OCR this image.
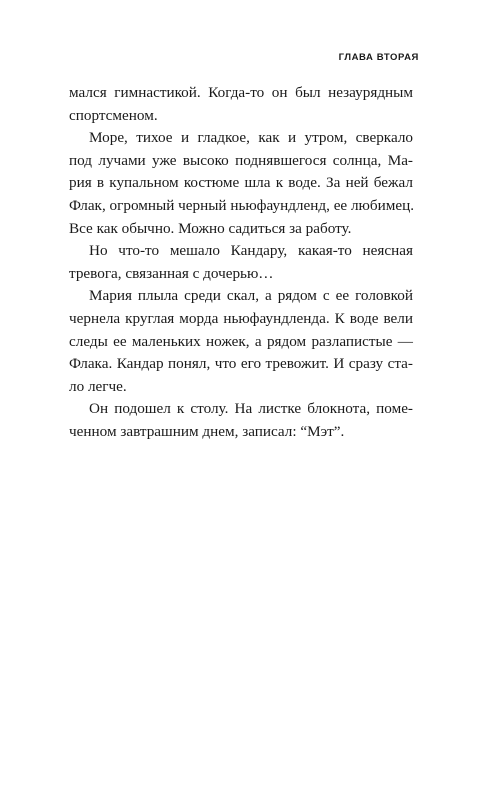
ГЛАВА ВТОРАЯ

мался гимнастикой. Когда-то он был незаурядным
спортсменом.

Море, тихое и гладкое, как и утром, сверкало
под лучами уже высоко поднявшегося солнца, Ма-
рия в купальном костюме шла к воде. За ней бежал
Флак, огромный черный ньюфаундленд, ее любимец.
Все как обычно. Можно садиться за работу.

Но что-то мешало Кандару, какая-то неясная
тревога, связанная с дочерью…

Мария плыла среди скал, а рядом с ее головкой
чернела круглая морда ньюфаундленда. К воде вели
следы ее маленьких ножек, а рядом разлапистые —
Флака. Кандар понял, что его тревожит. И сразу ста-
ло легче.

Он подошел к столу. На листке блокнота, поме-
ченном завтрашним днем, записал: “Мэт”.
